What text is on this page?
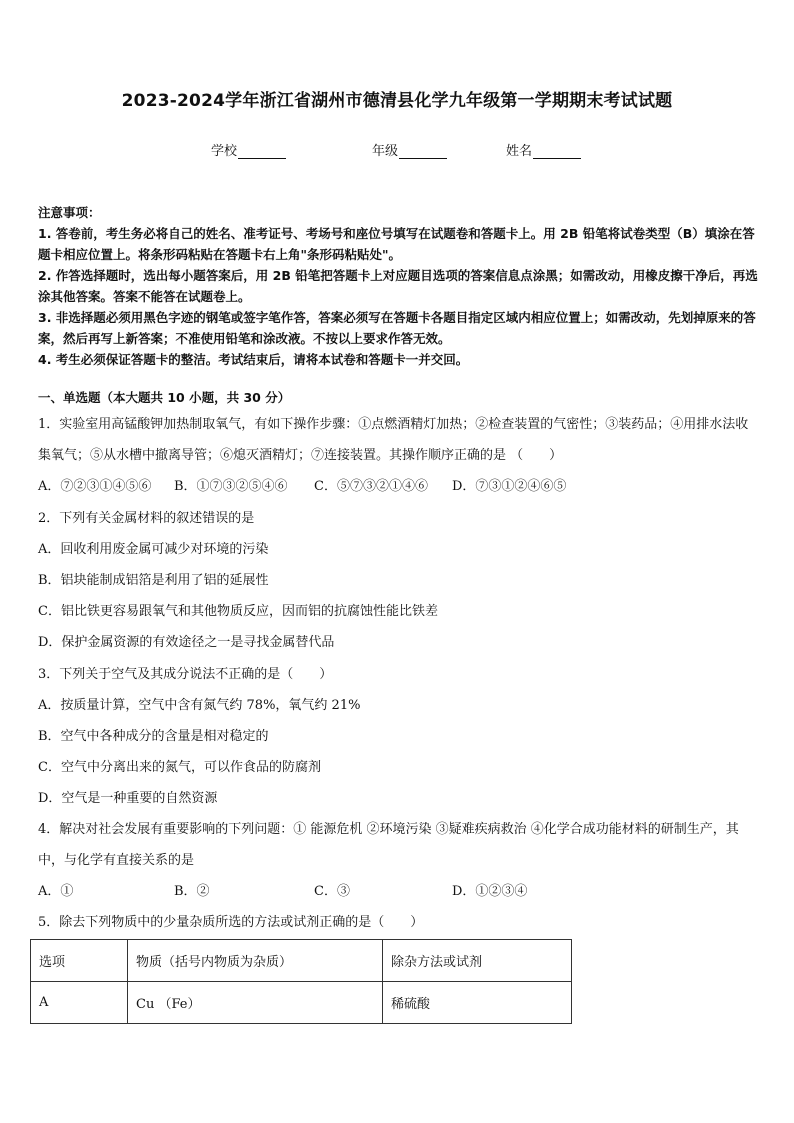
2023-2024学年浙江省湖州市德清县化学九年级第一学期期末考试试题
学校	年级	姓名

注意事项：

1. 答卷前，考生务必将自己的姓名、准考证号、考场号和座位号填写在试题卷和答题卡上。用 2B 铅笔将试卷类型（B）填涂在答题卡相应位置上。将条形码粘贴在答题卡右上角"条形码粘贴处"。

2. 作答选择题时，选出每小题答案后，用 2B 铅笔把答题卡上对应题目选项的答案信息点涂黑；如需改动，用橡皮擦干净后，再选涂其他答案。答案不能答在试题卷上。

3. 非选择题必须用黑色字迹的钢笔或签字笔作答，答案必须写在答题卡各题目指定区域内相应位置上；如需改动，先划掉原来的答案，然后再写上新答案；不准使用铅笔和涂改液。不按以上要求作答无效。

4. 考生必须保证答题卡的整洁。考试结束后，请将本试卷和答题卡一并交回。

一、单选题（本大题共 10 小题，共 30 分）

1．实验室用高锰酸钾加热制取氧气，有如下操作步骤：①点燃酒精灯加热；②检查装置的气密性；③装药品；④用排水法收集氧气；⑤从水槽中撤离导管；⑥熄灭酒精灯；⑦连接装置。其操作顺序正确的是 （　　）

A．⑦②③①④⑤⑥ B．①⑦③②⑤④⑥ C．⑤⑦③②①④⑥ D．⑦③①②④⑥⑤

2．下列有关金属材料的叙述错误的是

A．回收利用废金属可减少对环境的污染

B．铝块能制成铝箔是利用了铝的延展性

C．铝比铁更容易跟氧气和其他物质反应，因而铝的抗腐蚀性能比铁差

D．保护金属资源的有效途径之一是寻找金属替代品

3．下列关于空气及其成分说法不正确的是（　　）

A．按质量计算，空气中含有氮气约 78%，氧气约 21%

B．空气中各种成分的含量是相对稳定的

C．空气中分离出来的氮气，可以作食品的防腐剂

D．空气是一种重要的自然资源

4．解决对社会发展有重要影响的下列问题：① 能源危机 ②环境污染 ③疑难疾病救治 ④化学合成功能材料的研制生产，其中，与化学有直接关系的是

A．①	B．②	C．③	D．①②③④

5．除去下列物质中的少量杂质所选的方法或试剂正确的是（　　）

选项	物质（括号内物质为杂质）	除杂方法或试剂
A	Cu （Fe）	稀硫酸
